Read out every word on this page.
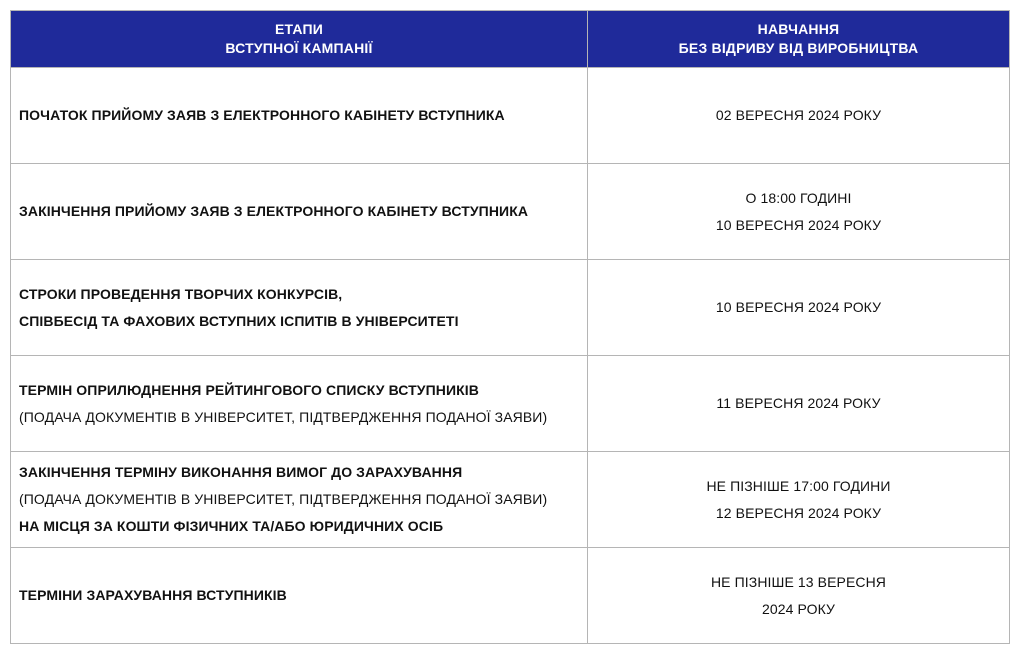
ЕТАПИ
ВСТУПНОЇ КАМПАНІЇ	НАВЧАННЯ
БЕЗ ВІДРИВУ ВІД ВИРОБНИЦТВА

ПОЧАТОК ПРИЙОМУ ЗАЯВ З ЕЛЕКТРОННОГО КАБІНЕТУ ВСТУПНИКА	02 ВЕРЕСНЯ 2024 РОКУ

ЗАКІНЧЕННЯ ПРИЙОМУ ЗАЯВ З ЕЛЕКТРОННОГО КАБІНЕТУ ВСТУПНИКА	О 18:00 ГОДИНІ
10 ВЕРЕСНЯ 2024 РОКУ

СТРОКИ ПРОВЕДЕННЯ ТВОРЧИХ КОНКУРСІВ,
СПІВБЕСІД ТА ФАХОВИХ ВСТУПНИХ ІСПИТІВ В УНІВЕРСИТЕТІ	10 ВЕРЕСНЯ 2024 РОКУ

ТЕРМІН ОПРИЛЮДНЕННЯ РЕЙТИНГОВОГО СПИСКУ ВСТУПНИКІВ
(ПОДАЧА ДОКУМЕНТІВ В УНІВЕРСИТЕТ, ПІДТВЕРДЖЕННЯ ПОДАНОЇ ЗАЯВИ)	11 ВЕРЕСНЯ 2024 РОКУ

ЗАКІНЧЕННЯ ТЕРМІНУ ВИКОНАННЯ ВИМОГ ДО ЗАРАХУВАННЯ
(ПОДАЧА ДОКУМЕНТІВ В УНІВЕРСИТЕТ, ПІДТВЕРДЖЕННЯ ПОДАНОЇ ЗАЯВИ)
НА МІСЦЯ ЗА КОШТИ ФІЗИЧНИХ ТА/АБО ЮРИДИЧНИХ ОСІБ	НЕ ПІЗНІШЕ 17:00 ГОДИНИ
12 ВЕРЕСНЯ 2024 РОКУ

ТЕРМІНИ ЗАРАХУВАННЯ ВСТУПНИКІВ	НЕ ПІЗНІШЕ 13 ВЕРЕСНЯ
2024 РОКУ
